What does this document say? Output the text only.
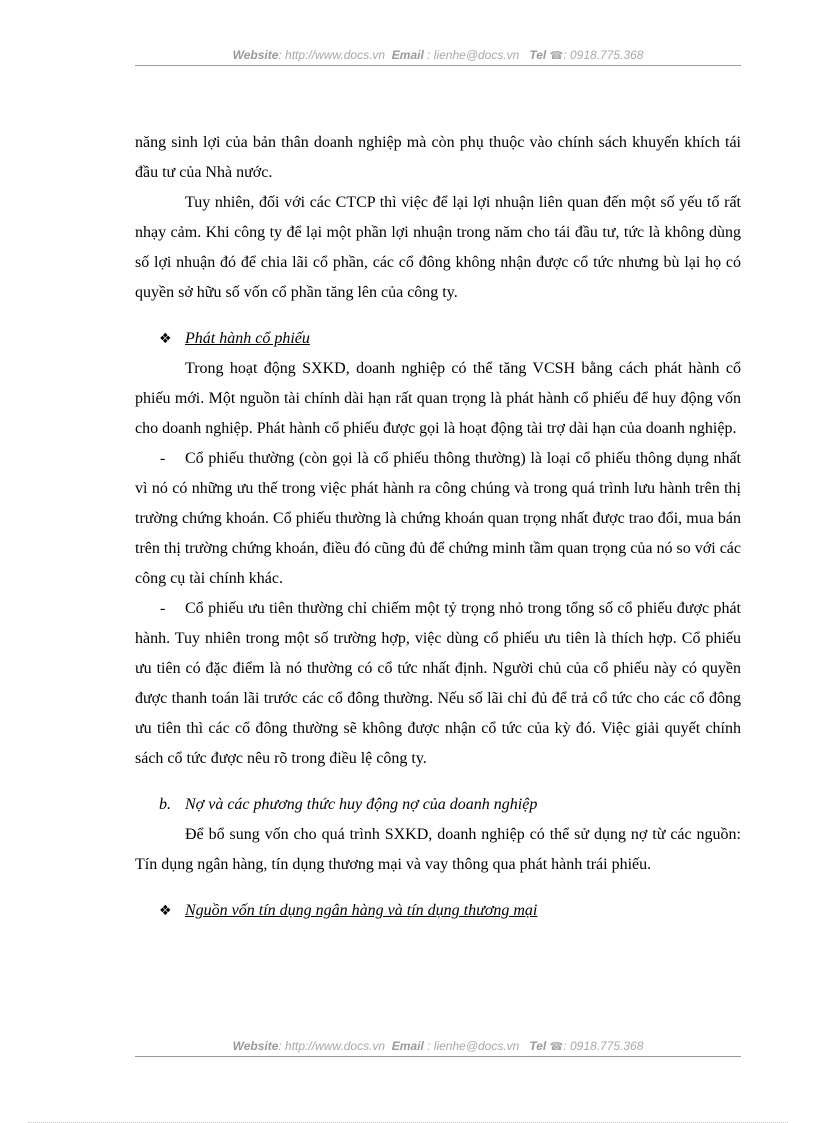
Website: http://www.docs.vn Email : lienhe@docs.vn Tel ☎: 0918.775.368

năng sinh lợi của bản thân doanh nghiệp mà còn phụ thuộc vào chính sách khuyến khích tái đầu tư của Nhà nước.

Tuy nhiên, đối với các CTCP thì việc để lại lợi nhuận liên quan đến một số yếu tố rất nhạy cảm. Khi công ty để lại một phần lợi nhuận trong năm cho tái đầu tư, tức là không dùng số lợi nhuận đó để chia lãi cổ phần, các cổ đông không nhận được cổ tức nhưng bù lại họ có quyền sở hữu số vốn cổ phần tăng lên của công ty.

❖ Phát hành cổ phiếu

Trong hoạt động SXKD, doanh nghiệp có thể tăng VCSH bằng cách phát hành cổ phiếu mới. Một nguồn tài chính dài hạn rất quan trọng là phát hành cổ phiếu để huy động vốn cho doanh nghiệp. Phát hành cổ phiếu được gọi là hoạt động tài trợ dài hạn của doanh nghiệp.

- Cổ phiếu thường (còn gọi là cổ phiếu thông thường) là loại cổ phiếu thông dụng nhất vì nó có những ưu thế trong việc phát hành ra công chúng và trong quá trình lưu hành trên thị trường chứng khoán. Cổ phiếu thường là chứng khoán quan trọng nhất được trao đổi, mua bán trên thị trường chứng khoán, điều đó cũng đủ để chứng minh tầm quan trọng của nó so với các công cụ tài chính khác.

- Cổ phiếu ưu tiên thường chỉ chiếm một tỷ trọng nhỏ trong tổng số cổ phiếu được phát hành. Tuy nhiên trong một số trường hợp, việc dùng cổ phiếu ưu tiên là thích hợp. Cổ phiếu ưu tiên có đặc điểm là nó thường có cổ tức nhất định. Người chủ của cổ phiếu này có quyền được thanh toán lãi trước các cổ đông thường. Nếu số lãi chỉ đủ để trả cổ tức cho các cổ đông ưu tiên thì các cổ đông thường sẽ không được nhận cổ tức của kỳ đó. Việc giải quyết chính sách cổ tức được nêu rõ trong điều lệ công ty.

b. Nợ và các phương thức huy động nợ của doanh nghiệp

Để bổ sung vốn cho quá trình SXKD, doanh nghiệp có thể sử dụng nợ từ các nguồn: Tín dụng ngân hàng, tín dụng thương mại và vay thông qua phát hành trái phiếu.

❖ Nguồn vốn tín dụng ngân hàng và tín dụng thương mại

Website: http://www.docs.vn Email : lienhe@docs.vn Tel ☎: 0918.775.368
